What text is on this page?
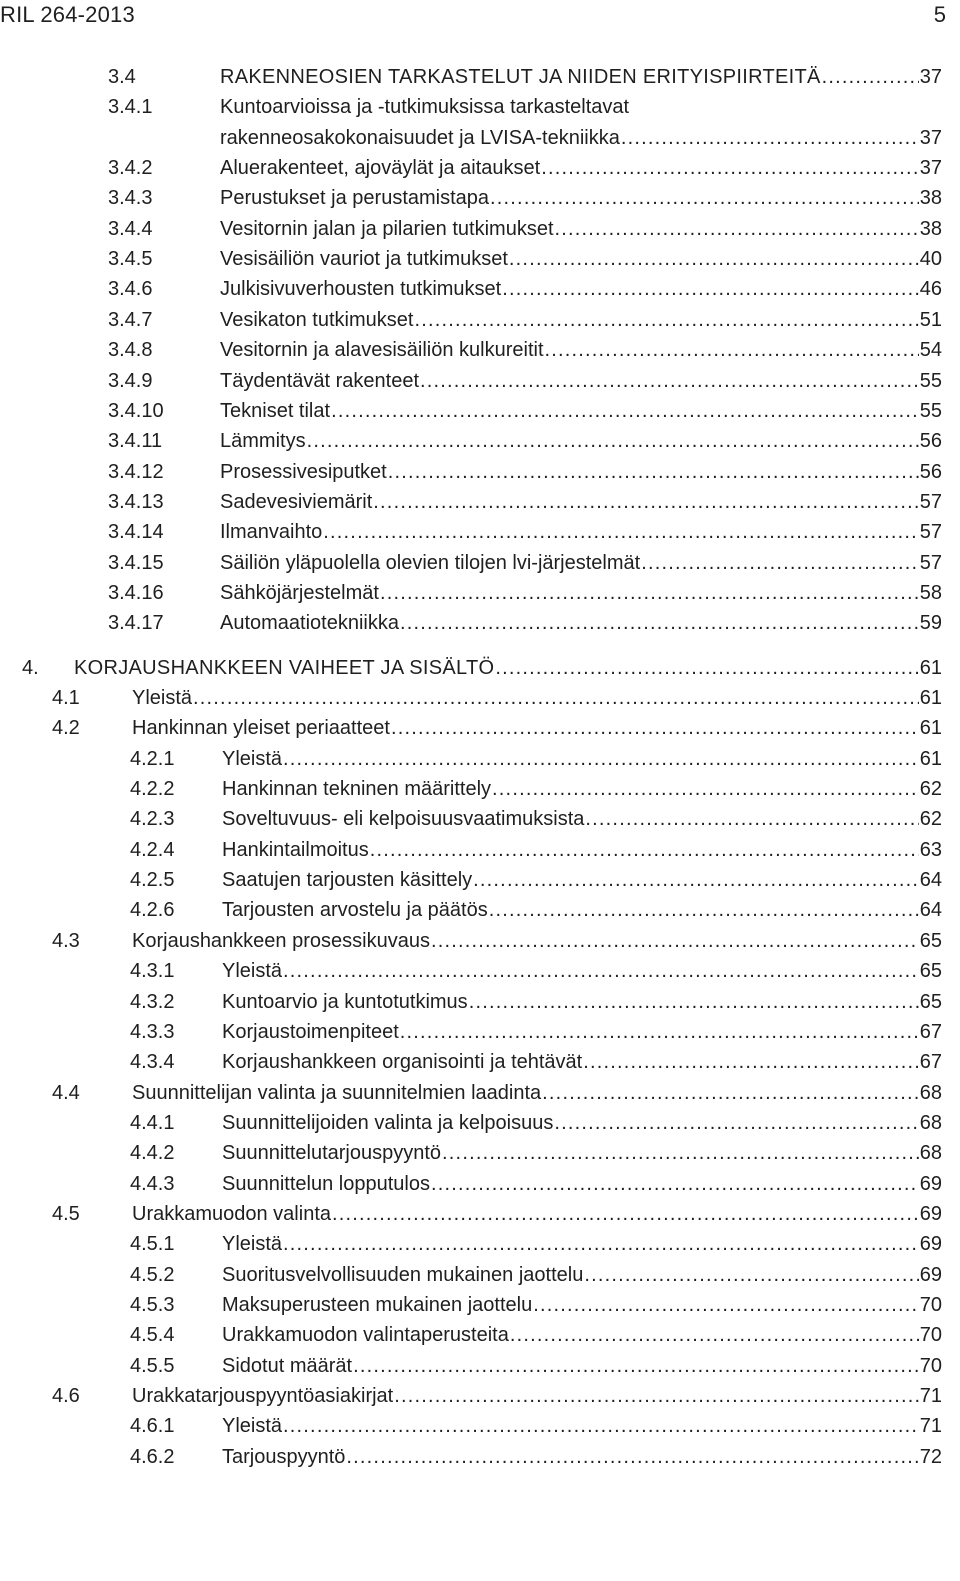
RIL 264-2013	5
3.4	RAKENNEOSIEN TARKASTELUT JA NIIDEN ERITYISPIIRTEITÄ .....	37
3.4.1	Kuntoarvioissa ja -tutkimuksissa tarkasteltavat
rakenneosakokonaisuudet ja LVISA-tekniikka .....	37
3.4.2	Aluerakenteet, ajoväylät ja aitaukset .....	37
3.4.3	Perustukset ja perustamistapa .....	38
3.4.4	Vesitornin jalan ja pilarien tutkimukset .....	38
3.4.5	Vesisäiliön vauriot ja tutkimukset .....	40
3.4.6	Julkisivuverhousten tutkimukset .....	46
3.4.7	Vesikaton tutkimukset .....	51
3.4.8	Vesitornin ja alavesisäiliön kulkureitit .....	54
3.4.9	Täydentävät rakenteet .....	55
3.4.10	Tekniset tilat .....	55
3.4.11	Lämmitys .....	56
3.4.12	Prosessivesiputket .....	56
3.4.13	Sadevesiviemärit .....	57
3.4.14	Ilmanvaihto .....	57
3.4.15	Säiliön yläpuolella olevien tilojen lvi-järjestelmät .....	57
3.4.16	Sähköjärjestelmät .....	58
3.4.17	Automaatiotekniikka .....	59
4. KORJAUSHANKKEEN VAIHEET JA SISÄLTÖ .....	61
4.1	Yleistä .....	61
4.2	Hankinnan yleiset periaatteet .....	61
4.2.1 Yleistä .....	61
4.2.2 Hankinnan tekninen määrittely .....	62
4.2.3 Soveltuvuus- eli kelpoisuusvaatimuksista .....	62
4.2.4 Hankintailmoitus .....	63
4.2.5 Saatujen tarjousten käsittely .....	64
4.2.6 Tarjousten arvostelu ja päätös .....	64
4.3	Korjaushankkeen prosessikuvaus .....	65
4.3.1 Yleistä .....	65
4.3.2 Kuntoarvio ja kuntotutkimus .....	65
4.3.3 Korjaustoimenpiteet .....	67
4.3.4 Korjaushankkeen organisointi ja tehtävät .....	67
4.4	Suunnittelijan valinta ja suunnitelmien laadinta .....	68
4.4.1 Suunnittelijoiden valinta ja kelpoisuus .....	68
4.4.2 Suunnittelutarjouspyyntö .....	68
4.4.3 Suunnittelun lopputulos .....	69
4.5	Urakkamuodon valinta .....	69
4.5.1 Yleistä .....	69
4.5.2 Suoritusvelvollisuuden mukainen jaottelu .....	69
4.5.3 Maksuperusteen mukainen jaottelu .....	70
4.5.4 Urakkamuodon valintaperusteita .....	70
4.5.5 Sidotut määrät .....	70
4.6	Urakkatarjouspyyntöasiakirjat .....	71
4.6.1 Yleistä .....	71
4.6.2 Tarjouspyyntö .....	72
